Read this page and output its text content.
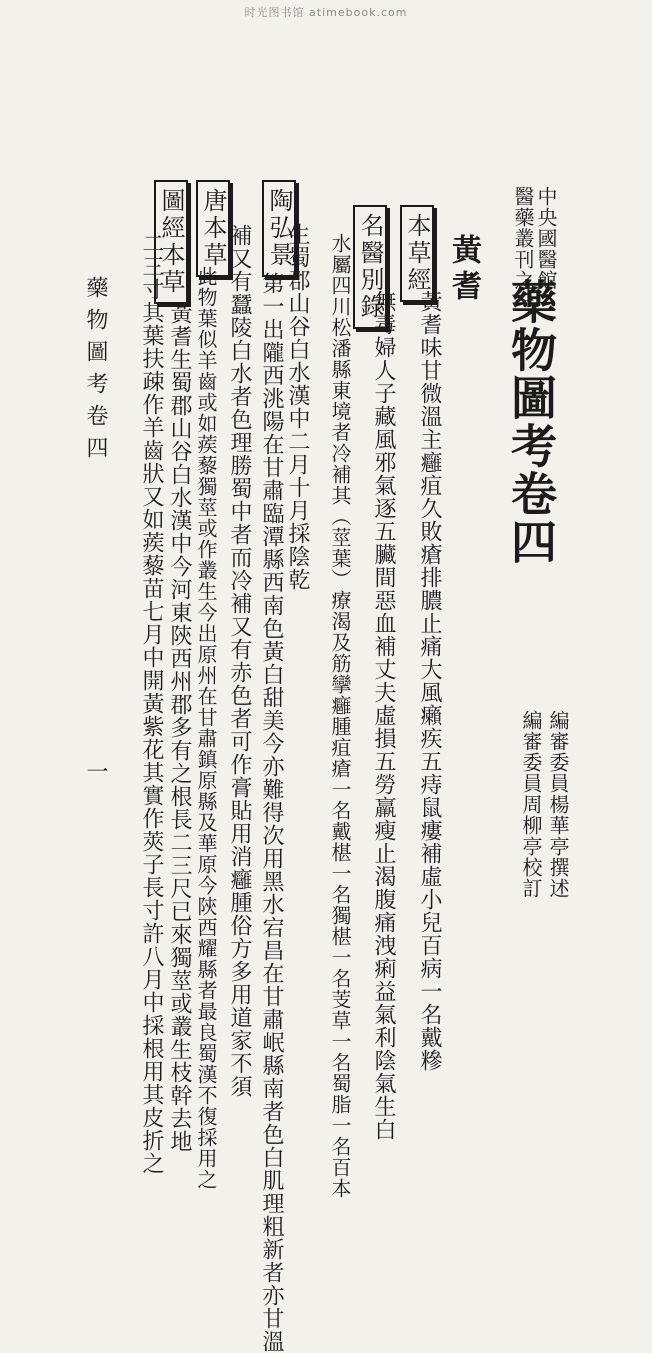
时光图书馆 atimebook.com
中央國醫館
醫藥叢刊之一
藥物圖考卷四
編審委員楊華亭撰述
編審委員周柳亭校訂
黃耆
本草經
名醫別錄
陶弘景
唐本草
圖經本草
黃耆味甘微溫主癰疽久敗瘡排膿止痛大風癩疾五痔鼠瘻補虛小兒百病一名戴糝
無毒婦人子藏風邪氣逐五臟間惡血補丈夫虛損五勞羸瘦止渴腹痛洩痢益氣利陰氣生白
水屬四川松潘縣東境者冷補其（莖葉）療渴及筋攣癰腫疽瘡一名戴椹一名獨椹一名芰草一名蜀脂一名百本
生蜀郡山谷白水漢中二月十月採陰乾
第一出隴西洮陽在甘肅臨潭縣西南色黃白甜美今亦難得次用黑水宕昌在甘肅岷縣南者色白肌理粗新者亦甘溫
補又有蠶陵白水者色理勝蜀中者而冷補又有赤色者可作膏貼用消癰腫俗方多用道家不須
此物葉似羊齒或如蒺藜獨莖或作叢生今出原州在甘肅鎮原縣及華原今陝西耀縣者最良蜀漢不復採用之
黃耆生蜀郡山谷白水漢中今河東陝西州郡多有之根長二三尺已來獨莖或叢生枝幹去地
二三寸其葉扶疎作羊齒狀又如蒺藜苗七月中開黃紫花其實作莢子長寸許八月中採根用其皮折之
藥物圖考卷四
一
